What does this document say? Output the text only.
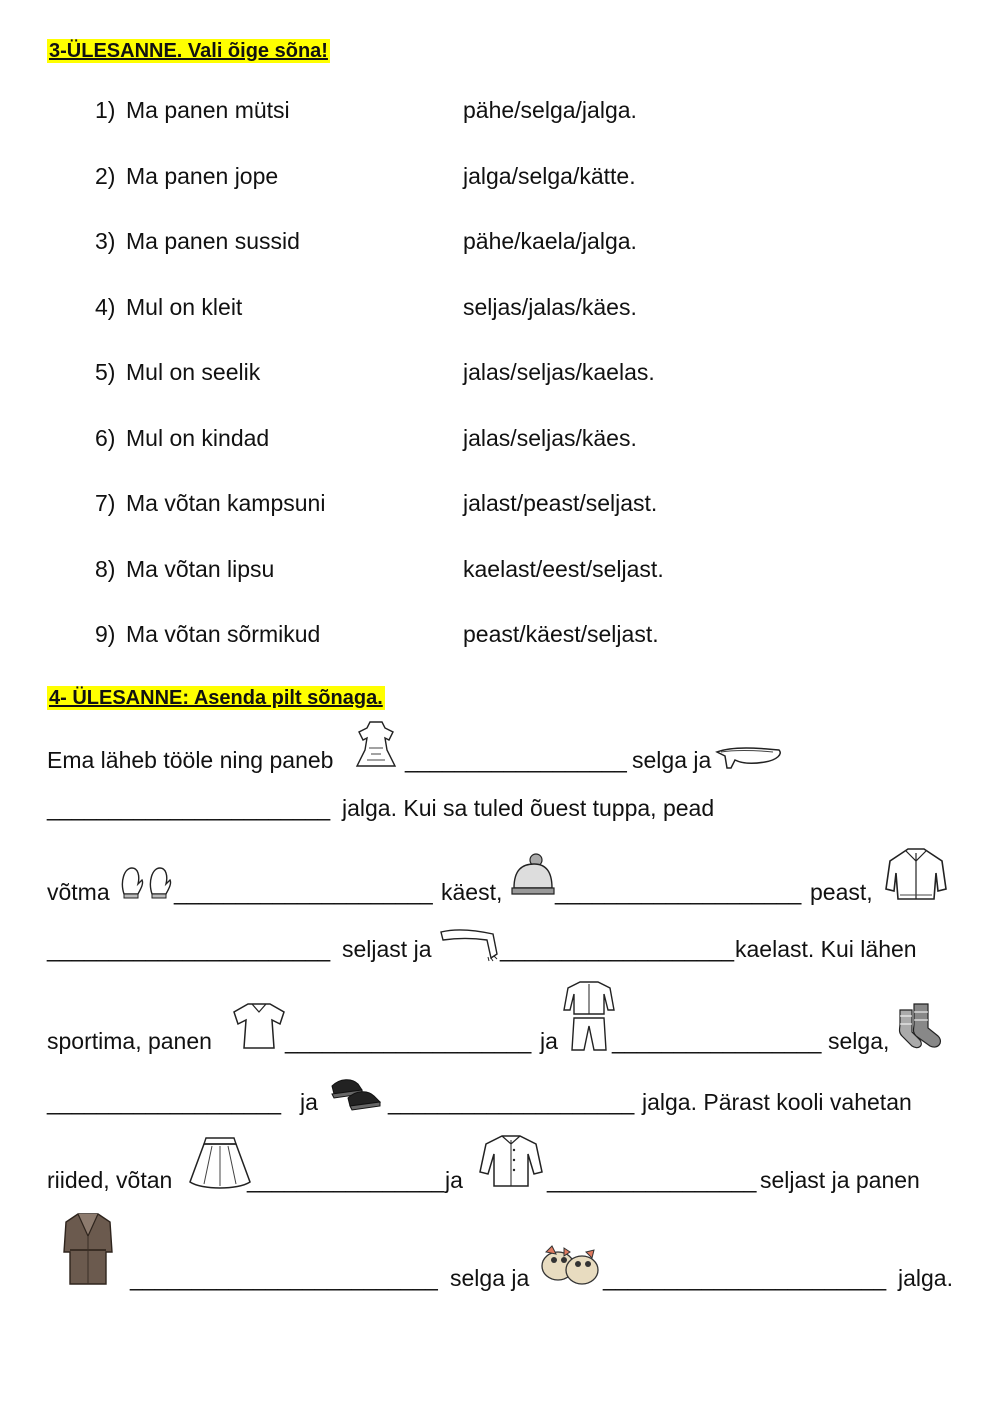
3-ÜLESANNE. Vali õige sõna!
1) Ma panen mütsi	pähe/selga/jalga.
2) Ma panen jope	jalga/selga/kätte.
3) Ma panen sussid	pähe/kaela/jalga.
4) Mul on kleit	seljas/jalas/käes.
5) Mul on seelik	jalas/seljas/kaelas.
6) Mul on kindad	jalas/seljas/käes.
7) Ma võtan kampsuni	jalast/peast/seljast.
8) Ma võtan lipsu	kaelast/eest/seljast.
9) Ma võtan sõrmikud	peast/käest/seljast.
4- ÜLESANNE: Asenda pilt sõnaga.
Ema läheb tööle ning paneb	__________________ selga ja
_______________________ jalga. Kui sa tuled õuest tuppa, pead
võtma	_____________________ käest, ____________________ peast,
_______________________ seljast ja	___________________ kaelast. Kui lähen
sportima, panen	____________________ ja _________________ selga,
___________________ ja	____________________ jalga. Pärast kooli vahetan
riided, võtan	________________ ja	_________________ seljast ja panen
_________________________ selga ja	_______________________ jalga.
